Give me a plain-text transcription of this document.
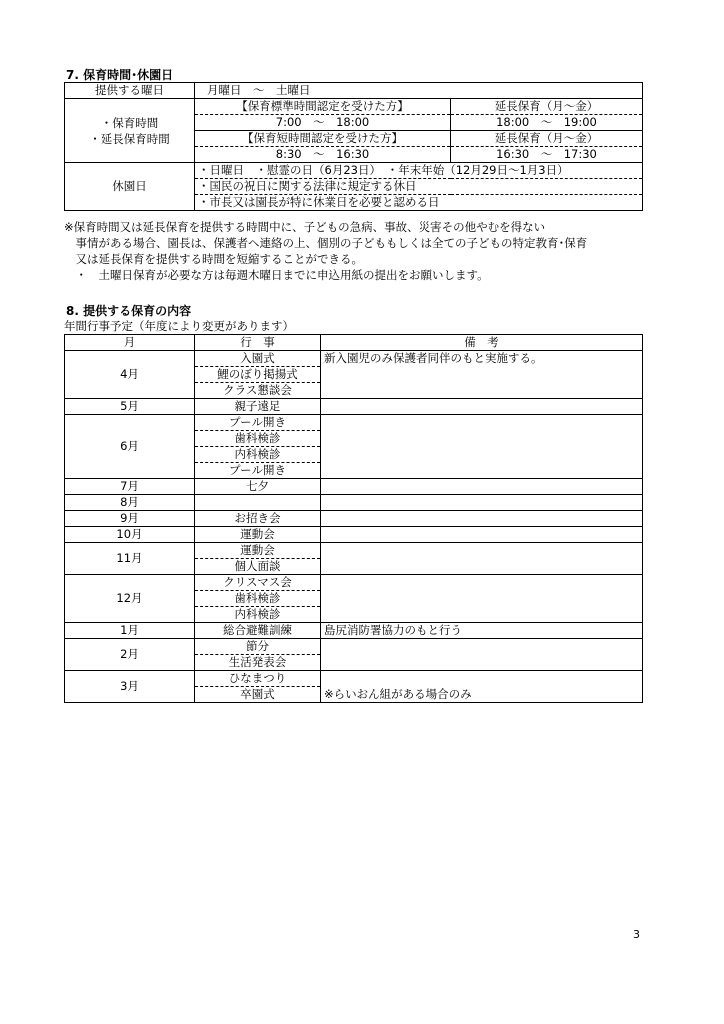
7. 保育時間･休園日
提供する曜日	月曜日　～　土曜日	

・保育時間
・延長保育時間	【保育標準時間認定を受けた方】	延長保育（月～金）
	7:00　～　18:00	18:00　～　19:00
	【保育短時間認定を受けた方】	延長保育（月～金）
	8:30　～　16:30	16:30　～　17:30
休園日	・日曜日　・慰霊の日（6月23日）　・年末年始（12月29日～1月3日）	
	・国民の祝日に関する法律に規定する休日	
	・市長又は園長が特に休業日を必要と認める日	
※保育時間又は延長保育を提供する時間中に、子どもの急病、事故、災害その他やむを得ない
　事情がある場合、園長は、保護者へ連絡の上、個別の子どももしくは全ての子どもの特定教育･保育
　又は延長保育を提供する時間を短縮することができる。
　・　土曜日保育が必要な方は毎週木曜日までに申込用紙の提出をお願いします。
8. 提供する保育の内容
年間行事予定（年度により変更があります）
月	行　事	備　考
4月	入園式	新入園児のみ保護者同伴のもと実施する。
	鯉のぼり掲揚式	
	クラス懇談会	
5月	親子遠足	
6月	プール開き	
	歯科検診	
	内科検診	
	プール開き	
7月	七夕	
8月		
9月	お招き会	
10月	運動会	
11月	運動会	
	個人面談	
12月	クリスマス会	
	歯科検診	
	内科検診	
1月	総合避難訓練	島尻消防署協力のもと行う
2月	節分	
	生活発表会	
3月	ひなまつり	
	卒園式	※らいおん組がある場合のみ
3
